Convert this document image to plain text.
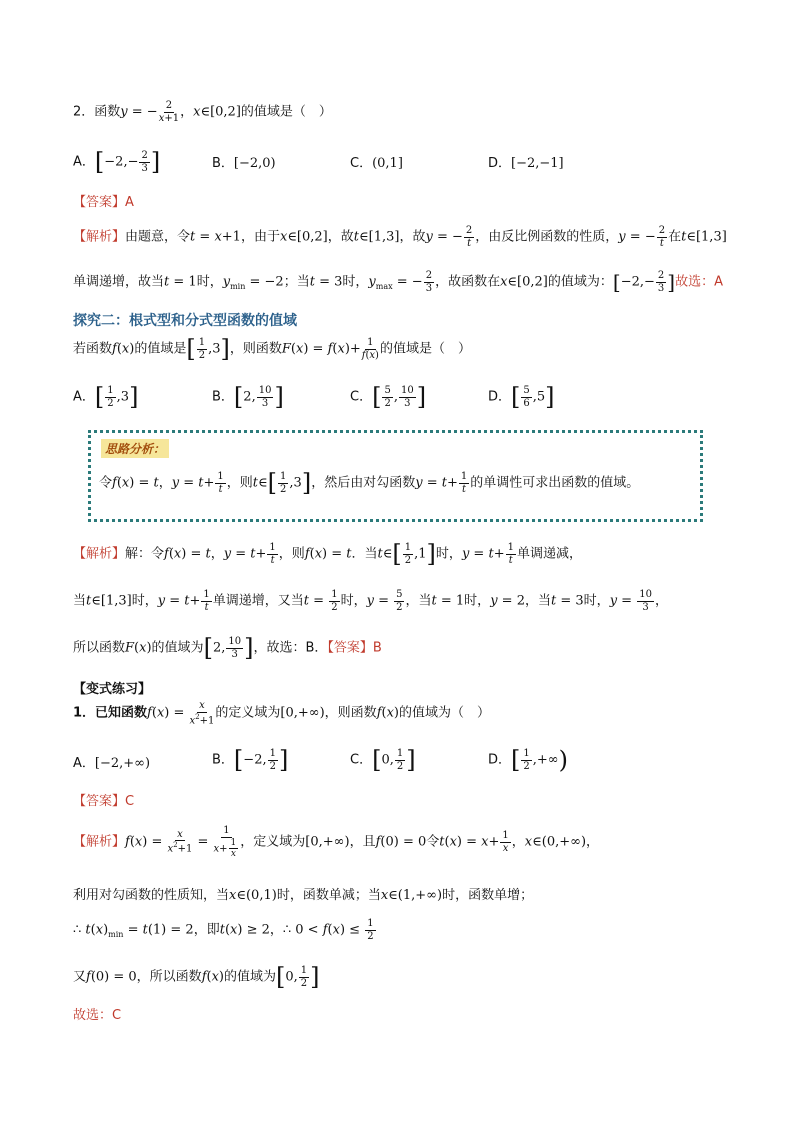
2．函数y = − $\frac{2}{x+1}$ ，x∈[0,2]的值域是（　）
A．[$-2,- \frac{2}{3}$ ]	B．[−2,0)	C．(0,1]	D．[−2,−1]
【答案】A
【解析】由题意，令t = x+1，由于x∈[0,2]，故t∈[1,3]，故y = − $\frac{2}{t}$ ，由反比例函数的性质，y = − $\frac{2}{t}$ 在t∈[1,3]
单调递增，故当t = 1时，$y_{min} = -2$；当t = 3时，$y_{max}$ = − $\frac{2}{3}$ ，故函数在x∈[0,2]的值域为：[$-2,- \frac{2}{3}$ ]故选：A
探究二：根式型和分式型函数的值域
若函数f(x)的值域是[ $\frac{1}{2} ,3$]，则函数$F(x) = f(x)+ \frac{1}{f(x)}$ 的值域是（　）
A．[ $\frac{1}{2} ,3$]	B．[2, $\frac{10}{3}$ ]	C．[ $\frac{5}{2}$ , $\frac{10}{3}$ ]	D．[ $\frac{5}{6} ,5$]
思路分析：
令f(x) = t，$y = t+ \frac{1}{t}$ ，则t∈[ $\frac{1}{2} ,3$]，然后由对勾函数$y = t+ \frac{1}{t}$ 的单调性可求出函数的值域。
【解析】解：令f(x) = t，$y = t+ \frac{1}{t}$ ，则f(x) = t．当t∈[ $\frac{1}{2} ,1$]时，$y = t+ \frac{1}{t}$ 单调递减，
当t∈[1,3]时，$y = t+ \frac{1}{t}$ 单调递增，又当$t = \frac{1}{2}$ 时，$y = \frac{5}{2}$ ，当t = 1时，y = 2，当t = 3时，$y = \frac{10}{3}$ ，
所以函数F(x)的值域为[2, $\frac{10}{3}$ ]，故选：B．【答案】B
【变式练习】
1．已知函数$f(x) = \frac{x}{x^2+1}$ 的定义域为[0,+∞)，则函数f(x)的值域为（　）
A．[−2,+∞)	B．[−2, $\frac{1}{2}$ ]	C．[0, $\frac{1}{2}$ ]	D．[ $\frac{1}{2}$ ,+∞)
【答案】C
【解析】$f(x) = \frac{x}{x^2+1} = \frac{1}{x+ \frac{1}{x}}$ ，定义域为[0,+∞)，且f(0) = 0令$t(x) = x+ \frac{1}{x}$ ，x∈(0,+∞)，
利用对勾函数的性质知，当x∈(0,1)时，函数单减；当x∈(1,+∞)时，函数单增；
∴ $t(x)_{min} = t(1) = 2$，即t(x) ≥ 2，∴ $0 < f(x) \le \frac{1}{2}$
又f(0) = 0，所以函数f(x)的值域为[0, $\frac{1}{2}$ ]
故选：C
